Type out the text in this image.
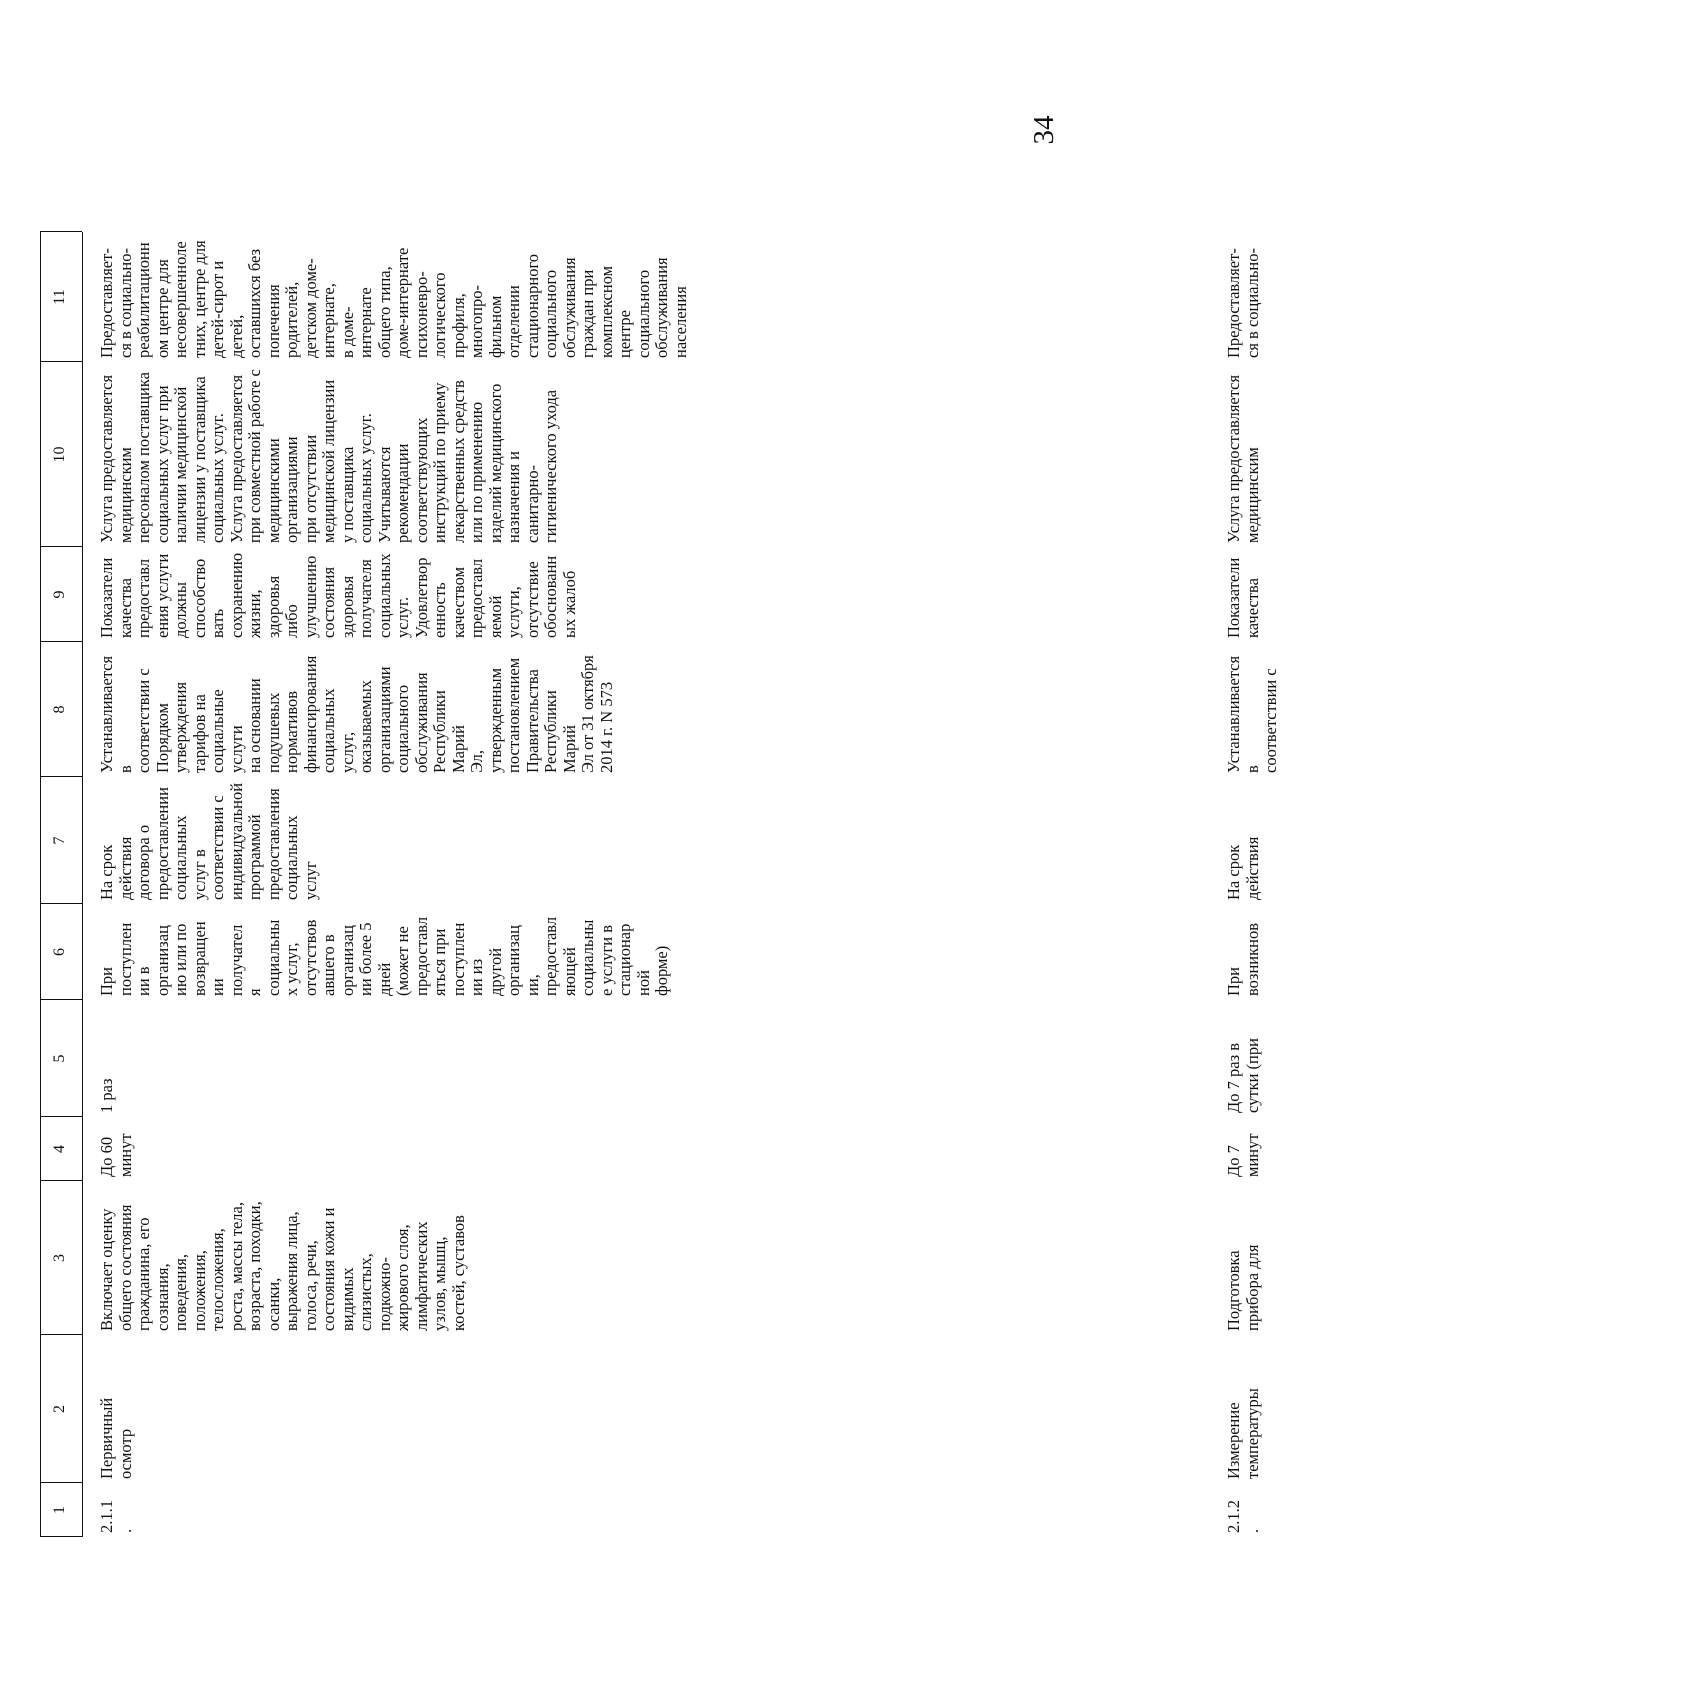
34
1
2
3
4
5
6
7
8
9
10
11
2.1.1
.
Первичный
осмотр
Включает оценку
общего состояния
гражданина, его
сознания,
поведения,
положения,
телосложения,
роста, массы тела,
возраста, походки,
осанки,
выражения лица,
голоса, речи,
состояния кожи и
видимых
слизистых,
подкожно-
жирового слоя,
лимфатических
узлов, мышц,
костей, суставов
До 60
минут
1 раз
При
поступлен
ии в
организац
ию или по
возвращен
ии
получател
я
социальны
х услуг,
отсутствов
авшего в
организац
ии более 5
дней
(может не
предоставл
яться при
поступлен
ии из
другой
организац
ии,
предоставл
яющей
социальны
е услуги в
стационар
ной
форме)
На срок
действия
договора о
предоставлении
социальных
услуг в
соответствии с
индивидуальной
программой
предоставления
социальных
услуг
Устанавливается в
соответствии с
Порядком
утверждения
тарифов на
социальные услуги
на основании
подушевых
нормативов
финансирования
социальных услуг,
оказываемых
организациями
социального
обслуживания
Республики Марий
Эл, утвержденным
постановлением
Правительства
Республики Марий
Эл от 31 октября
2014 г. N 573
Показатели
качества
предоставл
ения услуги
должны
способство
вать
сохранению
жизни,
здоровья
либо
улучшению
состояния
здоровья
получателя
социальных
услуг.
Удовлетвор
енность
качеством
предоставл
яемой
услуги,
отсутствие
обоснованн
ых жалоб
Услуга предоставляется
медицинским
персоналом поставщика
социальных услуг при
наличии медицинской
лицензии у поставщика
социальных услуг.
Услуга предоставляется
при совместной работе с
медицинскими
организациями
при отсутствии
медицинской лицензии
у поставщика
социальных услуг.
Учитываются
рекомендации
соответствующих
инструкций по приему
лекарственных средств
или по применению
изделий медицинского
назначения и
санитарно-
гигиенического ухода
Предоставляет-
ся в социально-
реабилитационн
ом центре для
несовершенноле
тних, центре для
детей-сирот и
детей,
оставшихся без
попечения
родителей,
детском доме-
интернате,
в доме-
интернате
общего типа,
доме-интернате
психоневро-
логического
профиля,
многопро-
фильном
отделении
стационарного
социального
обслуживания
граждан при
комплексном
центре
социального
обслуживания
населения
2.1.2
.
Измерение
температуры
Подготовка
прибора для
До 7
минут
До 7 раз в
сутки (при
При
возникнов
На срок
действия
Устанавливается в
соответствии с
Показатели
качества
Услуга предоставляется
медицинским
Предоставляет-
ся в социально-
